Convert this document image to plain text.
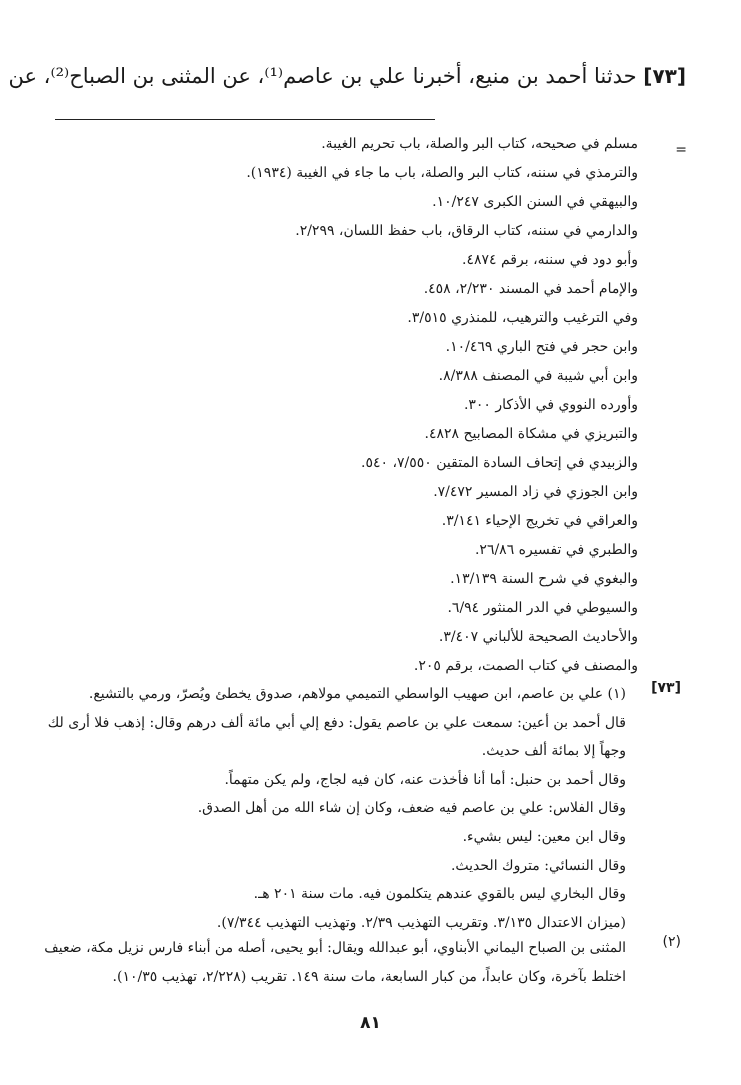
[٧٣] حدثنا أحمد بن منيع، أخبرنا علي بن عاصم⁽¹⁾، عن المثنى بن الصباح⁽²⁾، عن
=
مسلم في صحيحه، كتاب البر والصلة، باب تحريم الغيبة.
والترمذي في سننه، كتاب البر والصلة، باب ما جاء في الغيبة (١٩٣٤).
والبيهقي في السنن الكبرى ١٠/٢٤٧.
والدارمي في سننه، كتاب الرقاق، باب حفظ اللسان، ٢/٢٩٩.
وأبو دود في سننه، برقم ٤٨٧٤.
والإمام أحمد في المسند ٢/٢٣٠، ٤٥٨.
وفي الترغيب والترهيب، للمنذري ٣/٥١٥.
وابن حجر في فتح الباري ١٠/٤٦٩.
وابن أبي شيبة في المصنف ٨/٣٨٨.
وأورده النووي في الأذكار ٣٠٠.
والتبريزي في مشكاة المصابيح ٤٨٢٨.
والزبيدي في إتحاف السادة المتقين ٧/٥٥٠، ٥٤٠.
وابن الجوزي في زاد المسير ٧/٤٧٢.
والعراقي في تخريج الإحياء ٣/١٤١.
والطبري في تفسيره ٢٦/٨٦.
والبغوي في شرح السنة ١٣/١٣٩.
والسيوطي في الدر المنثور ٦/٩٤.
والأحاديث الصحيحة للألباني ٣/٤٠٧.
والمصنف في كتاب الصمت، برقم ٢٠٥.
[٧٣]
(١) علي بن عاصم، ابن صهيب الواسطي التميمي مولاهم، صدوق يخطئ ويُصرّ، ورمي بالتشيع.
قال أحمد بن أعين: سمعت علي بن عاصم يقول: دفع إلي أبي مائة ألف درهم وقال: إذهب فلا أرى لك
وجهاً إلا بمائة ألف حديث.
وقال أحمد بن حنبل: أما أنا فأخذت عنه، كان فيه لجاج، ولم يكن متهماً.
وقال الفلاس: علي بن عاصم فيه ضعف، وكان إن شاء الله من أهل الصدق.
وقال ابن معين: ليس بشيء.
وقال النسائي: متروك الحديث.
وقال البخاري ليس بالقوي عندهم يتكلمون فيه. مات سنة ٢٠١ هـ.
(ميزان الاعتدال ٣/١٣٥. وتقريب التهذيب ٢/٣٩. وتهذيب التهذيب ٧/٣٤٤).
(٢)
المثنى بن الصباح اليماني الأبناوي، أبو عبدالله ويقال: أبو يحيى، أصله من أبناء فارس نزيل مكة، ضعيف
اختلط بآخرة، وكان عابداً، من كبار السابعة، مات سنة ١٤٩. تقريب (٢/٢٢٨، تهذيب ١٠/٣٥).
٨١
